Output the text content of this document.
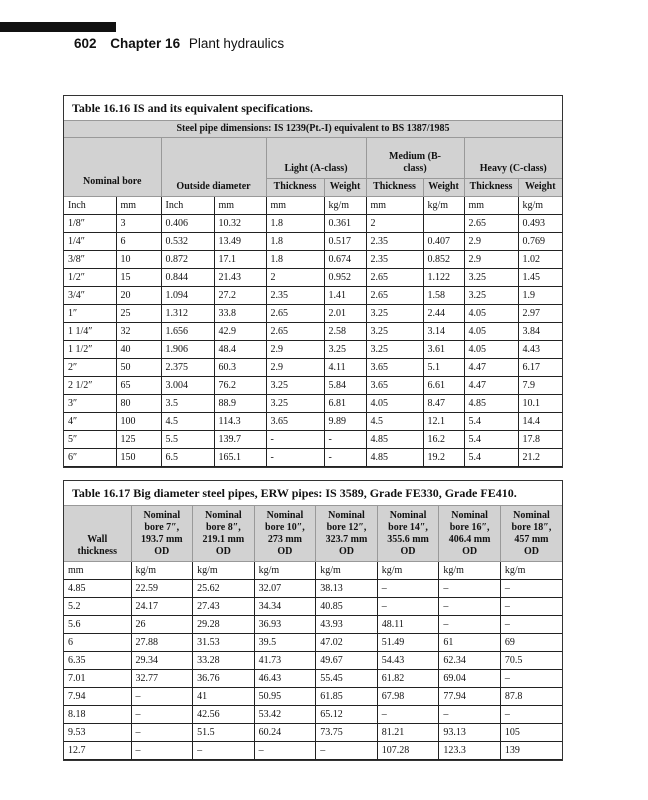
602 Chapter 16 Plant hydraulics
Table 16.16 IS and its equivalent specifications.
Steel pipe dimensions: IS 1239(Pt.-I) equivalent to BS 1387/1985									
Nominal bore		Outside diameter		Light (A-class)		Medium (B-class)		Heavy (C-class)	
				Thickness	Weight	Thickness	Weight	Thickness	Weight
Inch	mm	Inch	mm	mm	kg/m	mm	kg/m	mm	kg/m
1/8″	3	0.406	10.32	1.8	0.361	2		2.65	0.493
1/4″	6	0.532	13.49	1.8	0.517	2.35	0.407	2.9	0.769
3/8″	10	0.872	17.1	1.8	0.674	2.35	0.852	2.9	1.02
1/2″	15	0.844	21.43	2	0.952	2.65	1.122	3.25	1.45
3/4″	20	1.094	27.2	2.35	1.41	2.65	1.58	3.25	1.9
1″	25	1.312	33.8	2.65	2.01	3.25	2.44	4.05	2.97
1 1/4″	32	1.656	42.9	2.65	2.58	3.25	3.14	4.05	3.84
1 1/2″	40	1.906	48.4	2.9	3.25	3.25	3.61	4.05	4.43
2″	50	2.375	60.3	2.9	4.11	3.65	5.1	4.47	6.17
2 1/2″	65	3.004	76.2	3.25	5.84	3.65	6.61	4.47	7.9
3″	80	3.5	88.9	3.25	6.81	4.05	8.47	4.85	10.1
4″	100	4.5	114.3	3.65	9.89	4.5	12.1	5.4	14.4
5″	125	5.5	139.7	-	-	4.85	16.2	5.4	17.8
6″	150	6.5	165.1	-	-	4.85	19.2	5.4	21.2
Table 16.17 Big diameter steel pipes, ERW pipes: IS 3589, Grade FE330, Grade FE410.
Wall thickness	Nominal bore 7″, 193.7 mm OD	Nominal bore 8″, 219.1 mm OD	Nominal bore 10″, 273 mm OD	Nominal bore 12″, 323.7 mm OD	Nominal bore 14″, 355.6 mm OD	Nominal bore 16″, 406.4 mm OD	Nominal bore 18″, 457 mm OD
mm	kg/m	kg/m	kg/m	kg/m	kg/m	kg/m	kg/m
4.85	22.59	25.62	32.07	38.13	–	–	–
5.2	24.17	27.43	34.34	40.85	–	–	–
5.6	26	29.28	36.93	43.93	48.11	–	–
6	27.88	31.53	39.5	47.02	51.49	61	69
6.35	29.34	33.28	41.73	49.67	54.43	62.34	70.5
7.01	32.77	36.76	46.43	55.45	61.82	69.04	–
7.94	–	41	50.95	61.85	67.98	77.94	87.8
8.18	–	42.56	53.42	65.12	–	–	–
9.53	–	51.5	60.24	73.75	81.21	93.13	105
12.7	–	–	–	–	107.28	123.3	139
